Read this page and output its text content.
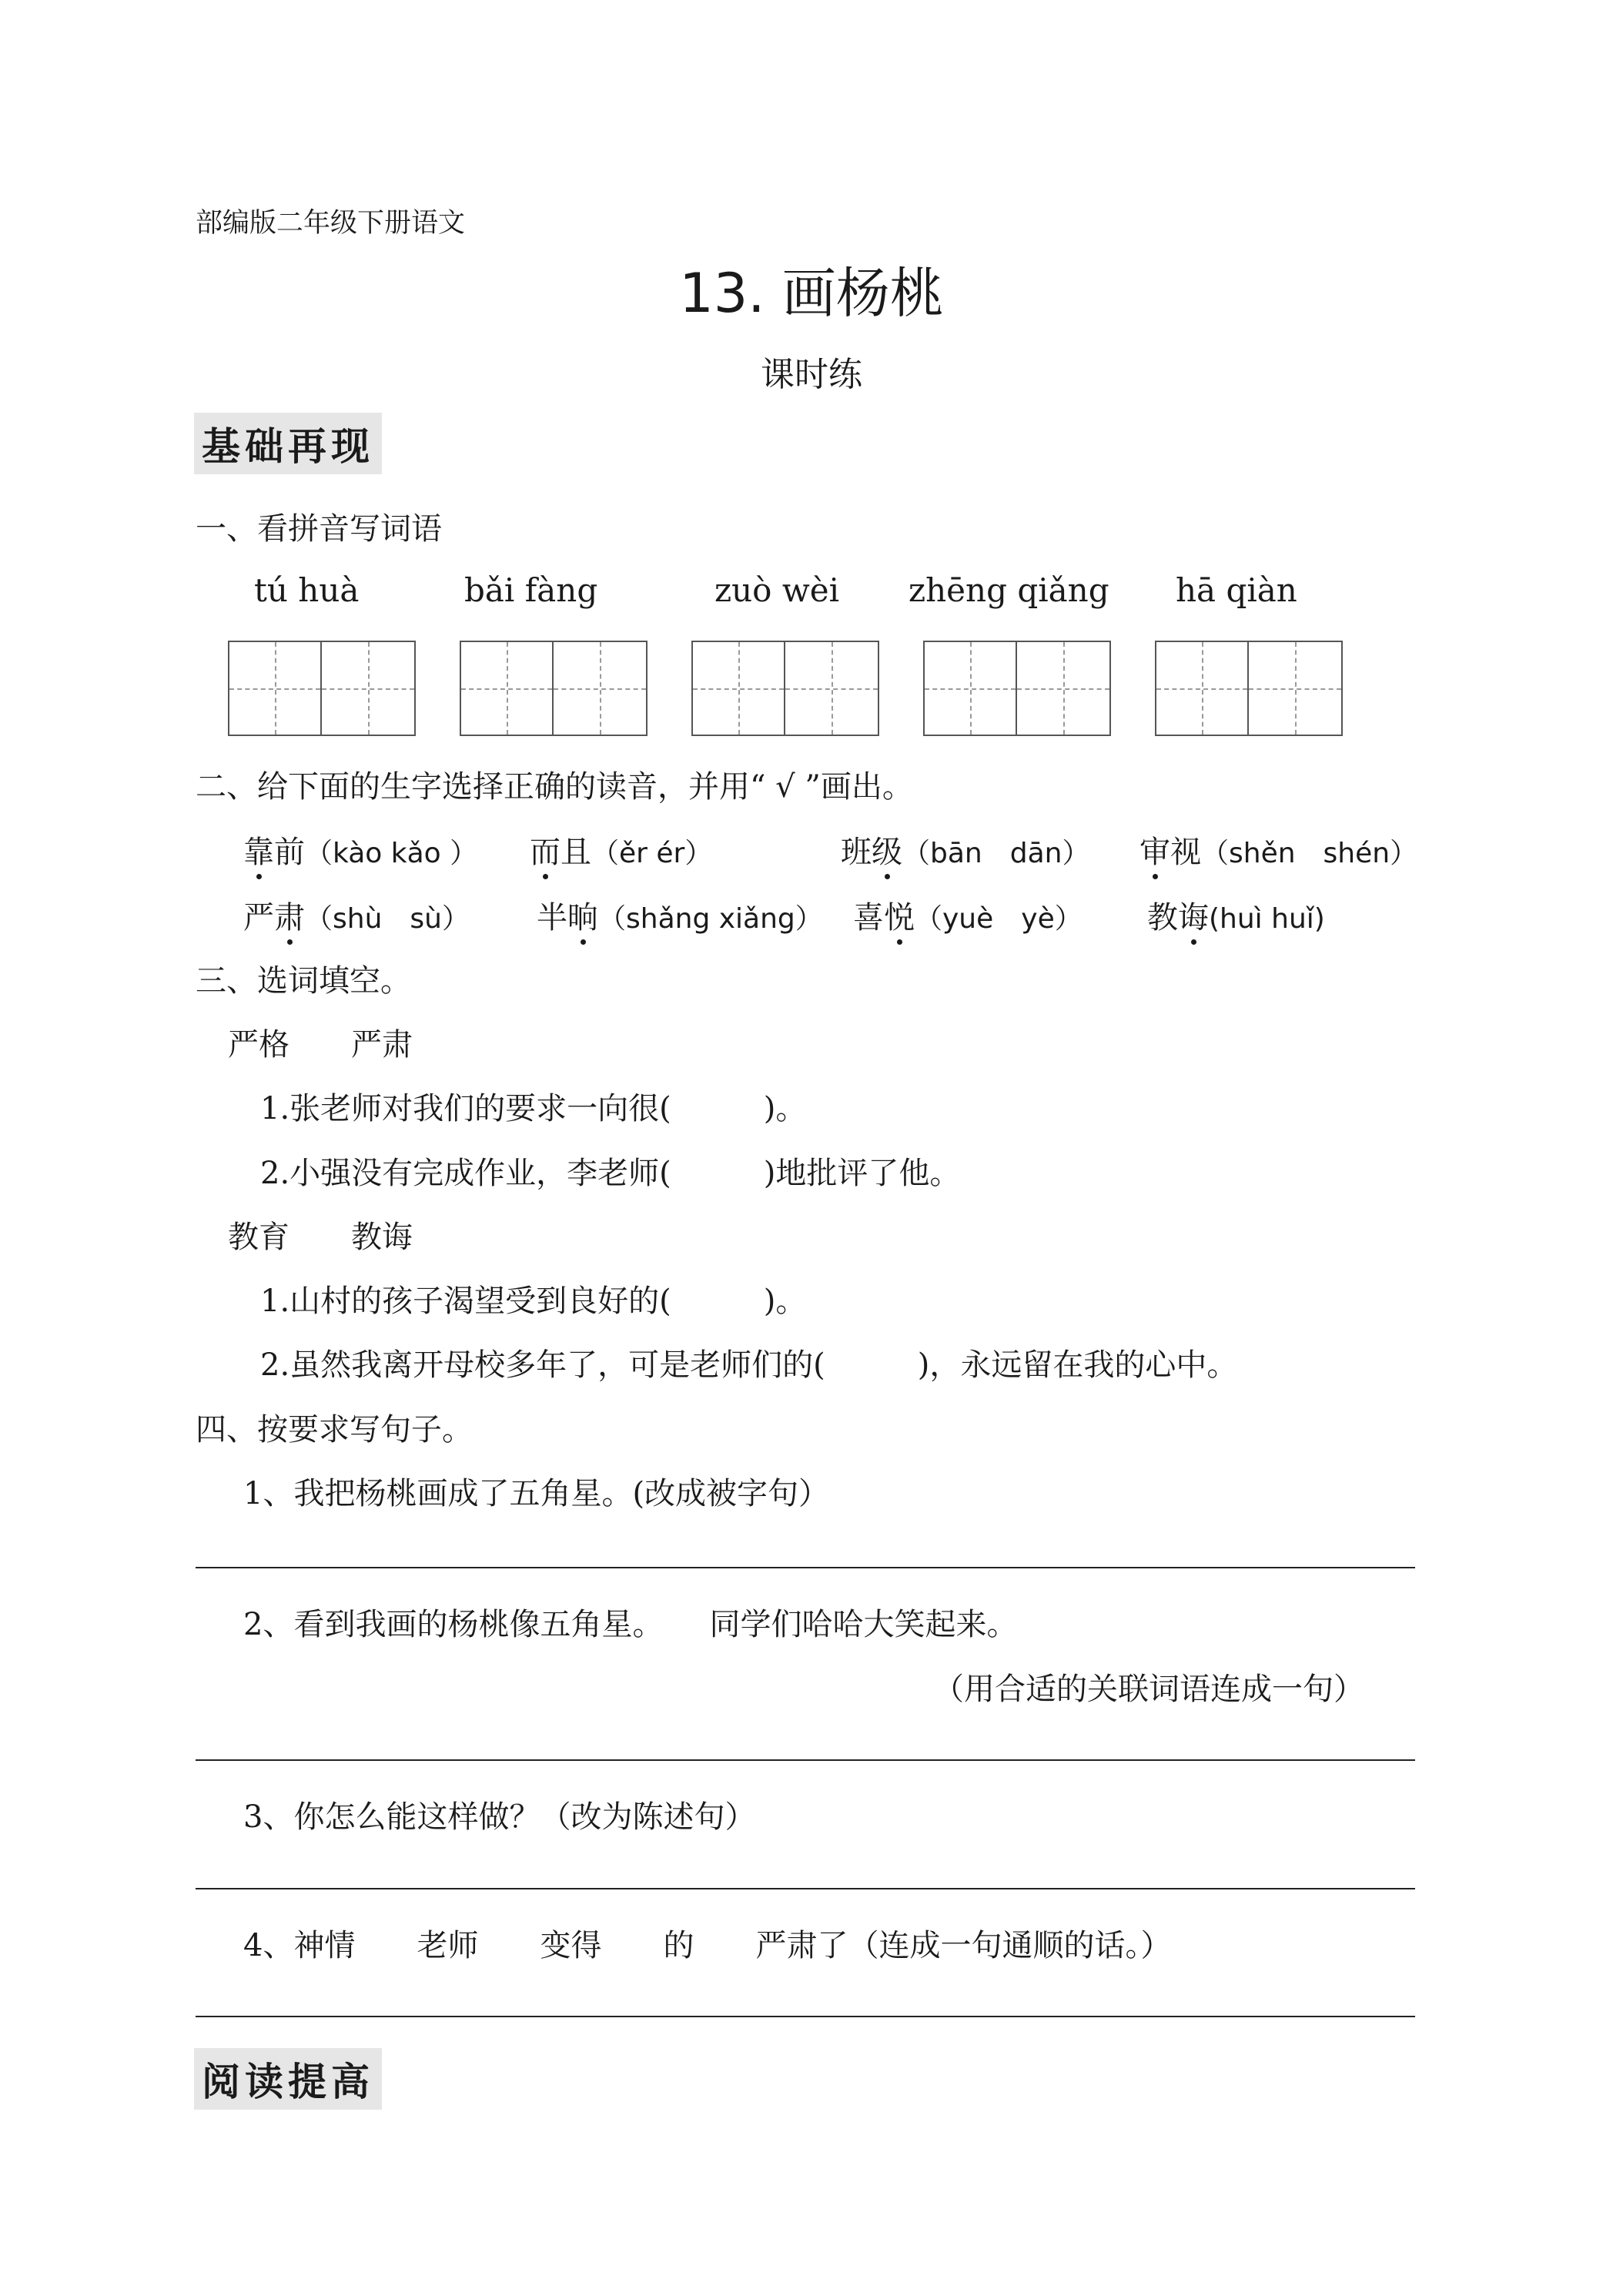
部编版二年级下册语文
13. 画杨桃
课时练
基础再现
一、看拼音写词语
tú huà	bǎi fàng	zuò wèi zhēng qiǎng hā qiàn
二、给下面的生字选择正确的读音，并用“ √ ”画出。
靠前（kào kǎo ） 而且（ěr ér）	班级（bān　dān） 审视（shěn　shén）
严肃（shù　sù） 半晌（shǎng xiǎng） 喜悦（yuè　yè） 教诲(huì huǐ)
三、选词填空。
严格　　严肃
1.张老师对我们的要求一向很(　　　)。
2.小强没有完成作业，李老师(　　　)地批评了他。
教育　　教诲
1.山村的孩子渴望受到良好的(　　　)。
2.虽然我离开母校多年了，可是老师们的(　　　)，永远留在我的心中。
四、按要求写句子。
1、我把杨桃画成了五角星。(改成被字句）
2、看到我画的杨桃像五角星。　　同学们哈哈大笑起来。
（用合适的关联词语连成一句）
3、你怎么能这样做？（改为陈述句）
4、神情　　老师　　变得　　的　　严肃了（连成一句通顺的话。）
阅读提高
